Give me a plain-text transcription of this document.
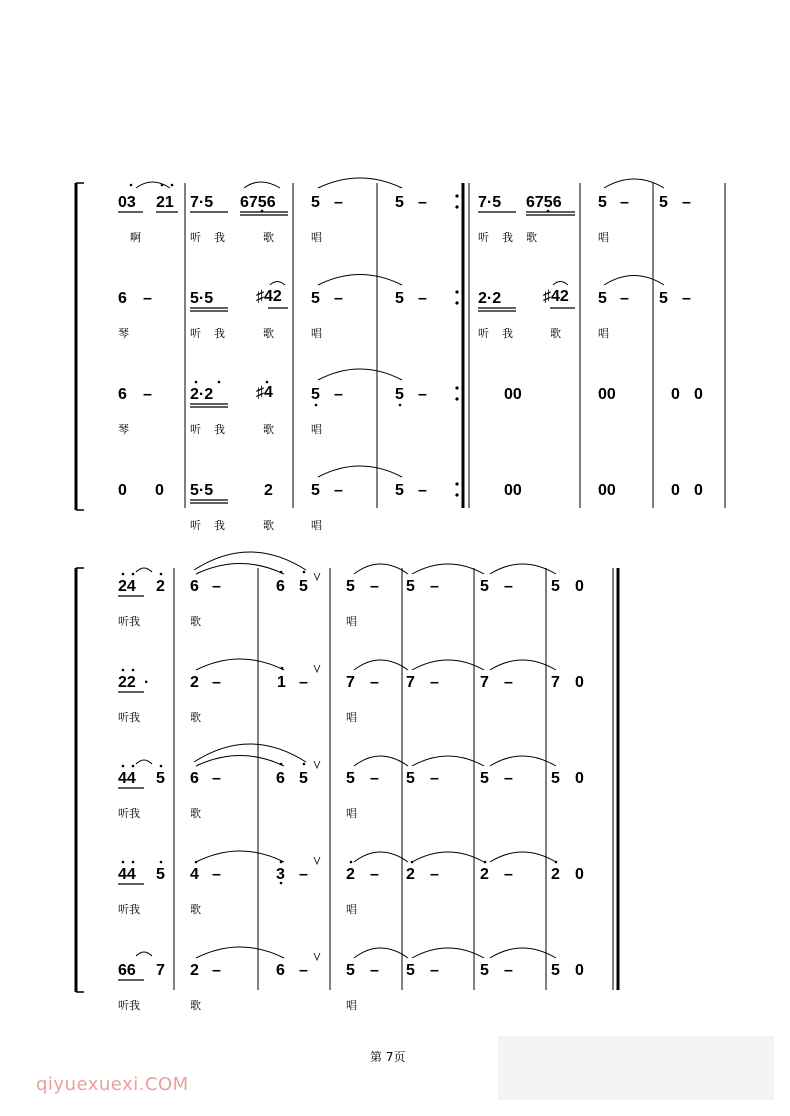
03 21 7·5 6756 5 –	5 –	7·5 6756 5 – 5 –
啊	听 我	歌	唱	听 我 歌	唱
6 – 5·5	♯42 5 –	5 –	2·2	♯42 5 – 5 –
琴	听 我	歌	唱	听 我	歌	唱
6 – 2·2	♯4 5 –	5 –	00	00	0 0
琴	听 我	歌	唱
0 0 5·5	2 5 –	5 –	00	00	0 0
听 我	歌	唱
24 2 6 –	6 5 5 – 5 –	5 – 5 0
听我	歌	唱
22 ·	2 –	1 – 7 – 7 –	7 – 7 0
听我	歌	唱
44 5 6 –	6 5 5 – 5 –	5 – 5 0
听我	歌	唱
44 5 4 –	3 – 2 – 2 –	2 – 2 0
听我	歌	唱
66 7 2 –	6 – 5 – 5 –	5 – 5 0
听我	歌	唱
第 7页
qiyuexuexi.COM
